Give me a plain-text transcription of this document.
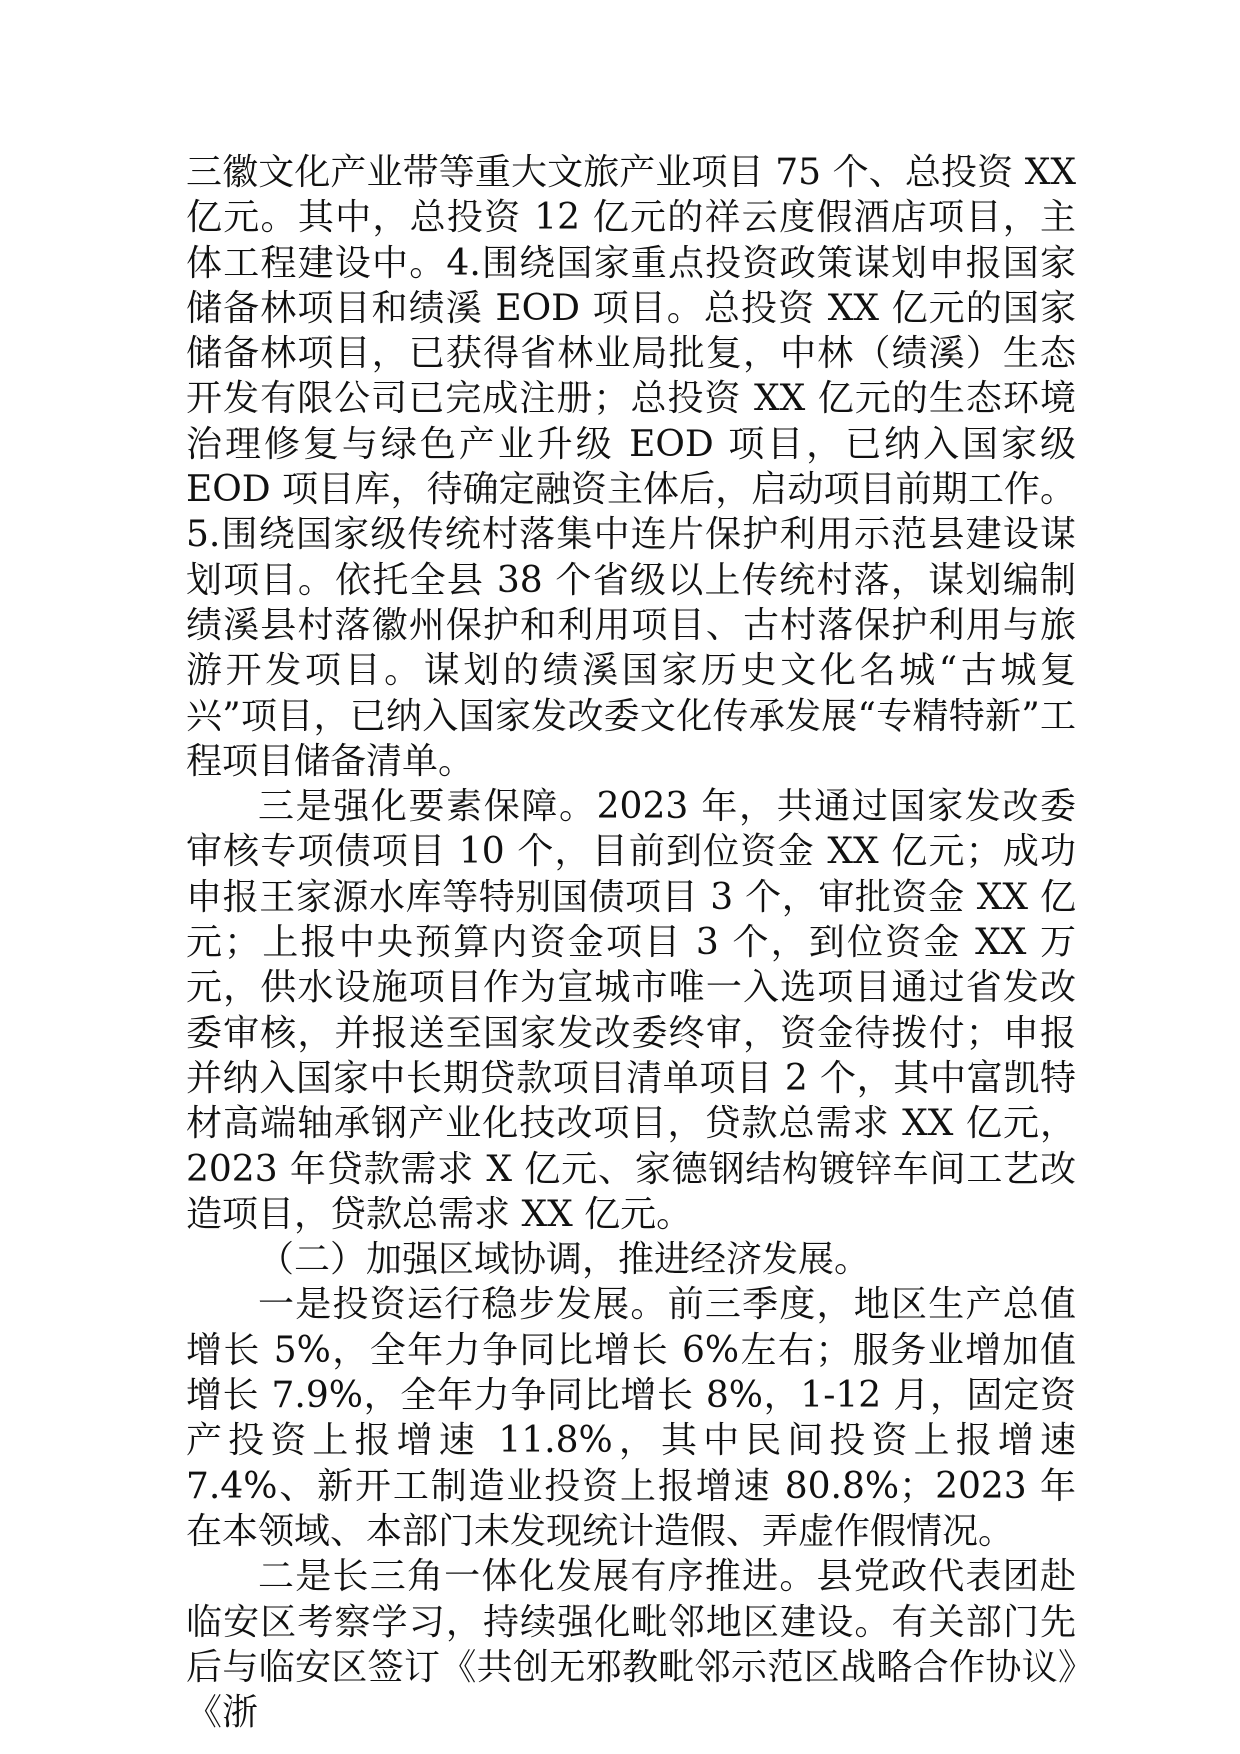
三徽文化产业带等重大文旅产业项目 75 个、总投资 XX 亿元。其中，总投资 12 亿元的祥云度假酒店项目，主体工程建设中。4.围绕国家重点投资政策谋划申报国家储备林项目和绩溪 EOD 项目。总投资 XX 亿元的国家储备林项目，已获得省林业局批复，中林（绩溪）生态开发有限公司已完成注册；总投资 XX 亿元的生态环境治理修复与绿色产业升级 EOD 项目，已纳入国家级 EOD 项目库，待确定融资主体后，启动项目前期工作。5.围绕国家级传统村落集中连片保护利用示范县建设谋划项目。依托全县 38 个省级以上传统村落，谋划编制绩溪县村落徽州保护和利用项目、古村落保护利用与旅游开发项目。谋划的绩溪国家历史文化名城“古城复兴”项目，已纳入国家发改委文化传承发展“专精特新”工程项目储备清单。

三是强化要素保障。2023 年，共通过国家发改委审核专项债项目 10 个，目前到位资金 XX 亿元；成功申报王家源水库等特别国债项目 3 个，审批资金 XX 亿元；上报中央预算内资金项目 3 个，到位资金 XX 万元，供水设施项目作为宣城市唯一入选项目通过省发改委审核，并报送至国家发改委终审，资金待拨付；申报并纳入国家中长期贷款项目清单项目 2 个，其中富凯特材高端轴承钢产业化技改项目，贷款总需求 XX 亿元，2023 年贷款需求 X 亿元、家德钢结构镀锌车间工艺改造项目，贷款总需求 XX 亿元。

（二）加强区域协调，推进经济发展。

一是投资运行稳步发展。前三季度，地区生产总值增长 5%，全年力争同比增长 6%左右；服务业增加值增长 7.9%，全年力争同比增长 8%，1-12 月，固定资产投资上报增速 11.8%，其中民间投资上报增速 7.4%、新开工制造业投资上报增速 80.8%；2023 年在本领域、本部门未发现统计造假、弄虚作假情况。

二是长三角一体化发展有序推进。县党政代表团赴临安区考察学习，持续强化毗邻地区建设。有关部门先后与临安区签订《共创无邪教毗邻示范区战略合作协议》《浙
